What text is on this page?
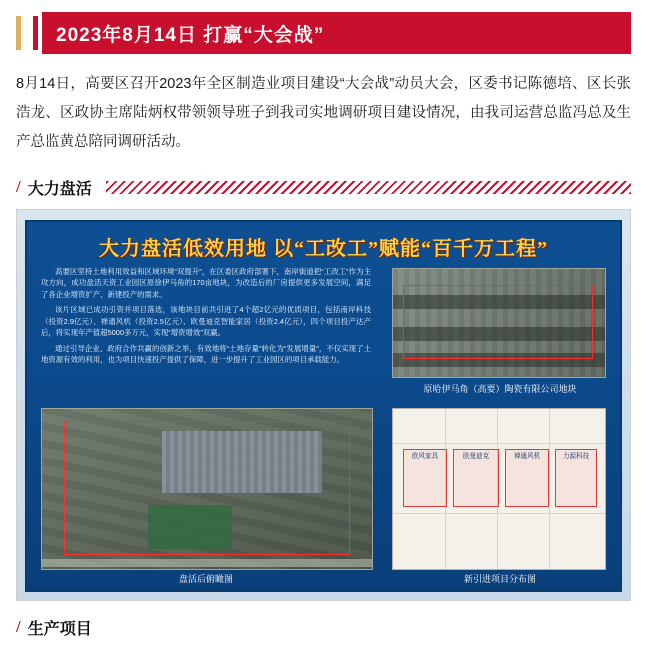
2023年8月14日 打赢“大会战”
8月14日，高要区召开2023年全区制造业项目建设“大会战”动员大会，区委书记陈德培、区长张浩龙、区政协主席陆炳权带领领导班子到我司实地调研项目建设情况，由我司运营总监冯总及生产总监黄总陪同调研活动。
/ 大力盘活
大力盘活低效用地 以“工改工”赋能“百千万工程”

高要区坚持土地利用效益和区域环境“双提升”，在区委区政府部署下，南岸街道把“工改工”作为主攻方向，成功盘活天资工业园区原徐伊马角的170亩地块，为改造后的厂房提供更多发展空间，满足了各企业增资扩产、新建投产的需求。

该片区域已成功引资并项目落选，该地块目前共引进了4个超2亿元的优质项目，包括南岸科技（投资2.9亿元）、禅通风机（投资2.5亿元）、欧曼迪克智能家居（投资2.4亿元），四个项目投产达产后，将实现年产值超5000多万元，实现“增资增效”双赢。

通过引导企业、政府合作共赢的创新之举，有效地将“土地存量”转化为“发展增量”，不仅实现了土地资源有效的利用，也为项目快速投产提供了保障，进一步提升了工业园区的项目承载能力。

原哈伊马角（高要）陶瓷有限公司地块
盘活后俯瞰图
欧风家具	欧曼迪克	禅通风机	力源科技
新引进项目分布图
/ 生产项目
